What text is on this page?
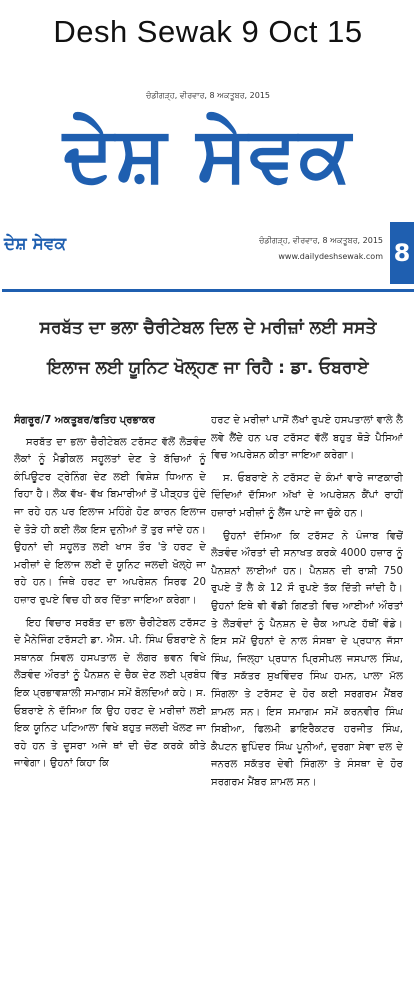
Desh Sewak 9 Oct 15
ਚੰਡੀਗੜ੍ਹ, ਵੀਰਵਾਰ, 8 ਅਕਤੂਬਰ, 2015
ਦੇਸ਼ ਸੇਵਕ
ਦੇਸ਼ ਸੇਵਕ	ਚੰਡੀਗੜ੍ਹ, ਵੀਰਵਾਰ, 8 ਅਕਤੂਬਰ, 2015
www.dailydeshsewak.com 8
ਸਰਬੱਤ ਦਾ ਭਲਾ ਚੈਰੀਟੇਬਲ ਦਿਲ ਦੇ ਮਰੀਜ਼ਾਂ ਲਈ ਸਸਤੇ
ਇਲਾਜ ਲਈ ਯੂਨਿਟ ਖੋਲ੍ਹਣ ਜਾ ਰਿਹੈ : ਡਾ. ਓਬਰਾਏ

ਸੰਗਰੂਰ/7 ਅਕਤੂਬਰ/ਫਤਿਹ ਪ੍ਰਭਾਕਰ

ਸਰਬੱਤ ਦਾ ਭਲਾ ਚੈਰੀਟੇਬਲ ਟਰੱਸਟ ਵੱਲੋਂ ਲੋੜਵੰਦ ਲੋਕਾਂ ਨੂੰ ਮੈਡੀਕਲ ਸਹੂਲਤਾਂ ਦੇਣ ਤੇ ਬੱਚਿਆਂ ਨੂੰ ਕੰਪਿਊਟਰ ਟ੍ਰੇਨਿੰਗ ਦੇਣ ਲਈ ਵਿਸ਼ੇਸ਼ ਧਿਆਨ ਦੇ ਰਿਹਾ ਹੈ। ਲੋਕ ਵੱਖ- ਵੱਖ ਬਿਮਾਰੀਆਂ ਤੋਂ ਪੀੜ੍ਹਤ ਹੁੰਦੇ ਜਾ ਰਹੇ ਹਨ ਪਰ ਇਲਾਜ ਮਹਿੰਗੇ ਹੋਣ ਕਾਰਨ ਇਲਾਜ ਦੇ ਤੋੜੇ ਹੀ ਕਈ ਲੋਕ ਇਸ ਦੁਨੀਆਂ ਤੋਂ ਤੁਰ ਜਾਂਦੇ ਹਨ। ਉਹਨਾਂ ਦੀ ਸਹੂਲਤ ਲਈ ਖਾਸ ਤੌਰ 'ਤੇ ਹਰਟ ਦੇ ਮਰੀਜ਼ਾਂ ਦੇ ਇਲਾਜ ਲਈ ਦੋ ਯੂਨਿਟ ਜਲਦੀ ਖੋਲ੍ਹੇ ਜਾ ਰਹੇ ਹਨ। ਜਿਥੇ ਹਰਟ ਦਾ ਅਪਰੇਸ਼ਨ ਸਿਰਫ 20 ਹਜ਼ਾਰ ਰੁਪਏ ਵਿਚ ਹੀ ਕਰ ਦਿੱਤਾ ਜਾਇਆ ਕਰੇਗਾ।

ਇਹ ਵਿਚਾਰ ਸਰਬੱਤ ਦਾ ਭਲਾ ਚੈਰੀਟੇਬਲ ਟਰੱਸਟ ਦੇ ਮੈਨੇਜਿੰਗ ਟਰੱਸਟੀ ਡਾ. ਐਸ. ਪੀ. ਸਿੰਘ ਓਬਰਾਏ ਨੇ ਸਥਾਨਕ ਸਿਵਲ ਹਸਪਤਾਲ ਦੇ ਲੰਗਰ ਭਵਨ ਵਿਖੇ ਲੋੜਵੰਦ ਔਰਤਾਂ ਨੂੰ ਪੈਨਸ਼ਨ ਦੇ ਚੈਕ ਦੇਣ ਲਈ ਪ੍ਰਬੰਧ ਇਕ ਪ੍ਰਭਾਵਸ਼ਾਲੀ ਸਮਾਗਮ ਸਮੇਂ ਬੋਲਦਿਆਂ ਕਹੇ। ਸ. ਓਬਰਾਏ ਨੇ ਦੱਸਿਆ ਕਿ ਉਹ ਹਰਟ ਦੇ ਮਰੀਜ਼ਾਂ ਲਈ ਇਕ ਯੂਨਿਟ ਪਟਿਆਲਾ ਵਿਖੇ ਬਹੁਤ ਜਲਦੀ ਖੋਲਣ ਜਾ ਰਹੇ ਹਨ ਤੇ ਦੂਸਰਾ ਅਜੇ ਥਾਂ ਦੀ ਚੋਣ ਕਰਕੇ ਕੀਤੇ ਜਾਵੇਗਾ। ਉਹਨਾਂ ਕਿਹਾ ਕਿ

ਹਰਟ ਦੇ ਮਰੀਜ਼ਾਂ ਪਾਸੋਂ ਲੱਖਾਂ ਰੁਪਏ ਹਸਪਤਾਲਾਂ ਵਾਲੇ ਲੈ ਲਵੇ ਲੈਂਦੇ ਹਨ ਪਰ ਟਰੱਸਟ ਵੱਲੋਂ ਬਹੁਤ ਥੋੜੇ ਪੈਸਿਆਂ ਵਿਚ ਅਪਰੇਸ਼ਨ ਕੀਤਾ ਜਾਇਆ ਕਰੇਗਾ।

ਸ. ਓਬਰਾਏ ਨੇ ਟਰੱਸਟ ਦੇ ਕੰਮਾਂ ਵਾਰੇ ਜਾਣਕਾਰੀ ਦਿੰਦਿਆਂ ਦੱਸਿਆ ਅੱਖਾਂ ਦੇ ਅਪਰੇਸ਼ਨ ਕੈਂਪਾਂ ਰਾਹੀਂ ਹਜ਼ਾਰਾਂ ਮਰੀਜ਼ਾਂ ਨੂੰ ਲੈਂਜ ਪਾਏ ਜਾ ਚੁੱਕੇ ਹਨ।

ਉਹਨਾਂ ਦੱਸਿਆ ਕਿ ਟਰੱਸਟ ਨੇ ਪੰਜਾਬ ਵਿਚੋਂ ਲੋੜਵੰਦ ਔਰਤਾਂ ਦੀ ਸਨਾਖਤ ਕਰਕੇ 4000 ਹਜ਼ਾਰ ਨੂੰ ਪੈਨਸ਼ਨਾਂ ਲਾਈਆਂ ਹਨ। ਪੈਨਸ਼ਨ ਦੀ ਰਾਸ਼ੀ 750 ਰੁਪਏ ਤੋਂ ਲੈ ਕੇ 12 ਸੌ ਰੁਪਏ ਤੱਕ ਦਿੱਤੀ ਜਾਂਦੀ ਹੈ। ਉਹਨਾਂ ਇਥੇ ਵੀ ਵੱਡੀ ਗਿਣਤੀ ਵਿਚ ਆਈਆਂ ਔਰਤਾਂ ਤੇ ਲੋੜਵੰਦਾਂ ਨੂੰ ਪੈਨਸ਼ਨ ਦੇ ਚੈਕ ਆਪਣੇ ਹੱਥੀਂ ਵੰਡੇ। ਇਸ ਸਮੇਂ ਉਹਨਾਂ ਦੇ ਨਾਲ ਸੰਸਥਾ ਦੇ ਪ੍ਰਧਾਨ ਜੱਸਾ ਸਿੰਘ, ਜਿਲ੍ਹਾ ਪ੍ਰਧਾਨ ਪ੍ਰਿਸੀਪਲ ਜਸਪਾਲ ਸਿੰਘ, ਵਿੱਤ ਸਕੱਤਰ ਸੁਖਵਿੰਦਰ ਸਿੰਘ ਹਮਨ, ਪਾਲਾ ਮੱਲ ਸਿੰਗਲਾ ਤੇ ਟਰੱਸਟ ਦੇ ਹੋਰ ਕਈ ਸਰਗਰਮ ਮੈਂਬਰ ਸ਼ਾਮਲ ਸਨ। ਇਸ ਸਮਾਗਮ ਸਮੇਂ ਕਰਨਵੀਰ ਸਿੰਘ ਸਿਬੀਆ, ਫਿਲਮੀ ਡਾਇਰੈਕਟਰ ਹਰਜੀਤ ਸਿੰਘ, ਕੈਪਟਨ ਭੁਪਿੰਦਰ ਸਿੰਘ ਪੂਨੀਆਂ, ਦੁਰਗਾ ਸੇਵਾ ਦਲ ਦੇ ਜਨਰਲ ਸਕੱਤਰ ਦੇਵੀ ਸਿੰਗਲਾ ਤੇ ਸੰਸਥਾ ਦੇ ਹੋਰ ਸਰਗਰਮ ਮੈਂਬਰ ਸ਼ਾਮਲ ਸਨ।
